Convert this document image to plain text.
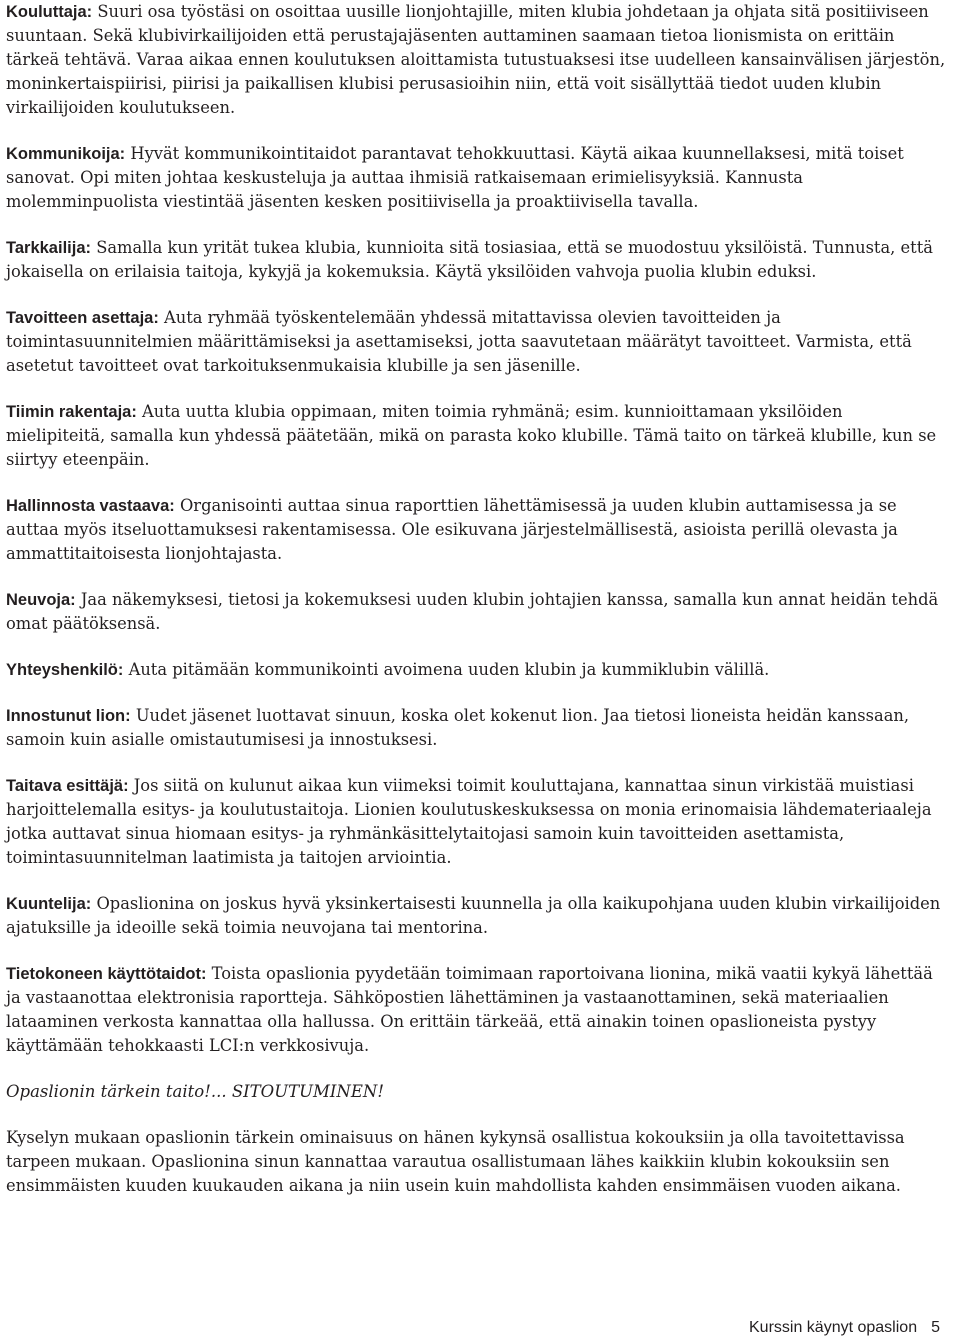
Kouluttaja: Suuri osa työstäsi on osoittaa uusille lionjohtajille, miten klubia johdetaan ja ohjata sitä positiiviseen suuntaan. Sekä klubivirkailijoiden että perustajajäsenten auttaminen saamaan tietoa lionismista on erittäin tärkeä tehtävä. Varaa aikaa ennen koulutuksen aloittamista tutustuaksesi itse uudelleen kansainvälisen järjestön, moninkertaispiirisi, piirisi ja paikallisen klubisi perusasioihin niin, että voit sisällyttää tiedot uuden klubin virkailijoiden koulutukseen.

Kommunikoija: Hyvät kommunikointitaidot parantavat tehokkuuttasi. Käytä aikaa kuunnellaksesi, mitä toiset sanovat. Opi miten johtaa keskusteluja ja auttaa ihmisiä ratkaisemaan erimielisyyksiä. Kannusta molemminpuolista viestintää jäsenten kesken positiivisella ja proaktiivisella tavalla.

Tarkkailija: Samalla kun yrität tukea klubia, kunnioita sitä tosiasiaa, että se muodostuu yksilöistä. Tunnusta, että jokaisella on erilaisia taitoja, kykyjä ja kokemuksia. Käytä yksilöiden vahvoja puolia klubin eduksi.

Tavoitteen asettaja: Auta ryhmää työskentelemään yhdessä mitattavissa olevien tavoitteiden ja toimintasuunnitelmien määrittämiseksi ja asettamiseksi, jotta saavutetaan määrätyt tavoitteet. Varmista, että asetetut tavoitteet ovat tarkoituksenmukaisia klubille ja sen jäsenille.

Tiimin rakentaja: Auta uutta klubia oppimaan, miten toimia ryhmänä; esim. kunnioittamaan yksilöiden mielipiteitä, samalla kun yhdessä päätetään, mikä on parasta koko klubille. Tämä taito on tärkeä klubille, kun se siirtyy eteenpäin.

Hallinnosta vastaava: Organisointi auttaa sinua raporttien lähettämisessä ja uuden klubin auttamisessa ja se auttaa myös itseluottamuksesi rakentamisessa. Ole esikuvana järjestelmällisestä, asioista perillä olevasta ja ammattitaitoisesta lionjohtajasta.

Neuvoja: Jaa näkemyksesi, tietosi ja kokemuksesi uuden klubin johtajien kanssa, samalla kun annat heidän tehdä omat päätöksensä.

Yhteyshenkilö: Auta pitämään kommunikointi avoimena uuden klubin ja kummiklubin välillä.

Innostunut lion: Uudet jäsenet luottavat sinuun, koska olet kokenut lion. Jaa tietosi lioneista heidän kanssaan, samoin kuin asialle omistautumisesi ja innostuksesi.

Taitava esittäjä: Jos siitä on kulunut aikaa kun viimeksi toimit kouluttajana, kannattaa sinun virkistää muistiasi harjoittelemalla esitys- ja koulutustaitoja. Lionien koulutuskeskuksessa on monia erinomaisia lähdemateriaaleja jotka auttavat sinua hiomaan esitys- ja ryhmänkäsittelytaitojasi samoin kuin tavoitteiden asettamista, toimintasuunnitelman laatimista ja taitojen arviointia.

Kuuntelija: Opaslionina on joskus hyvä yksinkertaisesti kuunnella ja olla kaikupohjana uuden klubin virkailijoiden ajatuksille ja ideoille sekä toimia neuvojana tai mentorina.

Tietokoneen käyttötaidot: Toista opaslionia pyydetään toimimaan raportoivana lionina, mikä vaatii kykyä lähettää ja vastaanottaa elektronisia raportteja. Sähköpostien lähettäminen ja vastaanottaminen, sekä materiaalien lataaminen verkosta kannattaa olla hallussa. On erittäin tärkeää, että ainakin toinen opaslioneista pystyy käyttämään tehokkaasti LCI:n verkkosivuja.

Opaslionin tärkein taito!... SITOUTUMINEN!

Kyselyn mukaan opaslionin tärkein ominaisuus on hänen kykynsä osallistua kokouksiin ja olla tavoitettavissa tarpeen mukaan. Opaslionina sinun kannattaa varautua osallistumaan lähes kaikkiin klubin kokouksiin sen ensimmäisten kuuden kuukauden aikana ja niin usein kuin mahdollista kahden ensimmäisen vuoden aikana.

Kurssin käynyt opaslion 5
